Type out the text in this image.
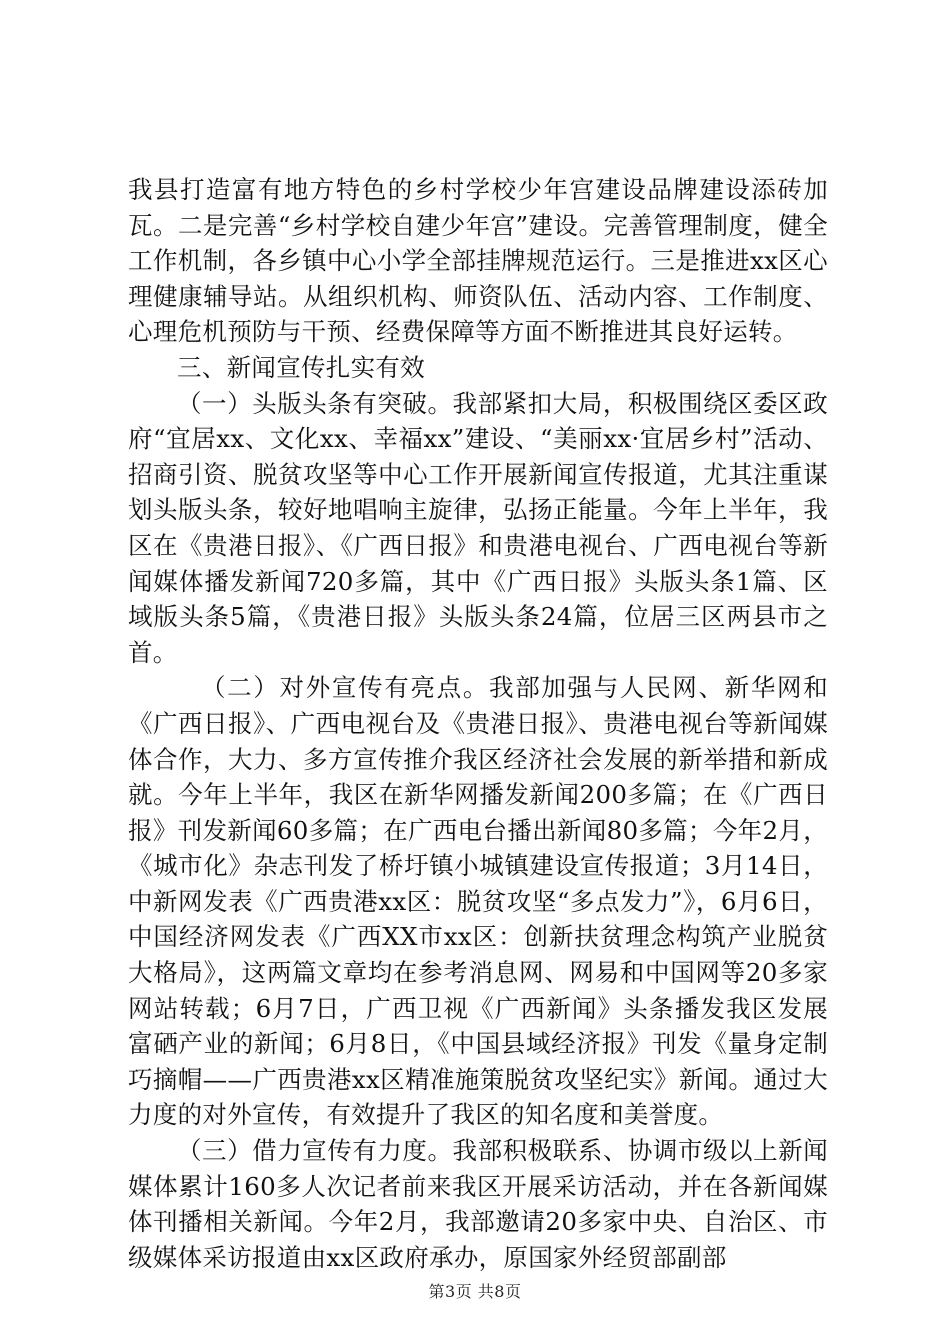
我县打造富有地方特色的乡村学校少年宫建设品牌建设添砖加瓦。二是完善“乡村学校自建少年宫”建设。完善管理制度，健全工作机制，各乡镇中心小学全部挂牌规范运行。三是推进xx区心理健康辅导站。从组织机构、师资队伍、活动内容、工作制度、心理危机预防与干预、经费保障等方面不断推进其良好运转。

三、新闻宣传扎实有效

（一）头版头条有突破。我部紧扣大局，积极围绕区委区政府“宜居xx、文化xx、幸福xx”建设、“美丽xx·宜居乡村”活动、招商引资、脱贫攻坚等中心工作开展新闻宣传报道，尤其注重谋划头版头条，较好地唱响主旋律，弘扬正能量。今年上半年，我区在《贵港日报》、《广西日报》和贵港电视台、广西电视台等新闻媒体播发新闻720多篇，其中《广西日报》头版头条1篇、区域版头条5篇，《贵港日报》头版头条24篇，位居三区两县市之首。

（二）对外宣传有亮点。我部加强与人民网、新华网和《广西日报》、广西电视台及《贵港日报》、贵港电视台等新闻媒体合作，大力、多方宣传推介我区经济社会发展的新举措和新成就。今年上半年，我区在新华网播发新闻200多篇；在《广西日报》刊发新闻60多篇；在广西电台播出新闻80多篇；今年2月，《城市化》杂志刊发了桥圩镇小城镇建设宣传报道；3月14日，中新网发表《广西贵港xx区：脱贫攻坚“多点发力”》，6月6日，中国经济网发表《广西XX市xx区：创新扶贫理念构筑产业脱贫大格局》，这两篇文章均在参考消息网、网易和中国网等20多家网站转载；6月7日，广西卫视《广西新闻》头条播发我区发展富硒产业的新闻；6月8日，《中国县域经济报》刊发《量身定制巧摘帽——广西贵港xx区精准施策脱贫攻坚纪实》新闻。通过大力度的对外宣传，有效提升了我区的知名度和美誉度。

（三）借力宣传有力度。我部积极联系、协调市级以上新闻媒体累计160多人次记者前来我区开展采访活动，并在各新闻媒体刊播相关新闻。今年2月，我部邀请20多家中央、自治区、市级媒体采访报道由xx区政府承办，原国家外经贸部副部

第3页 共8页
